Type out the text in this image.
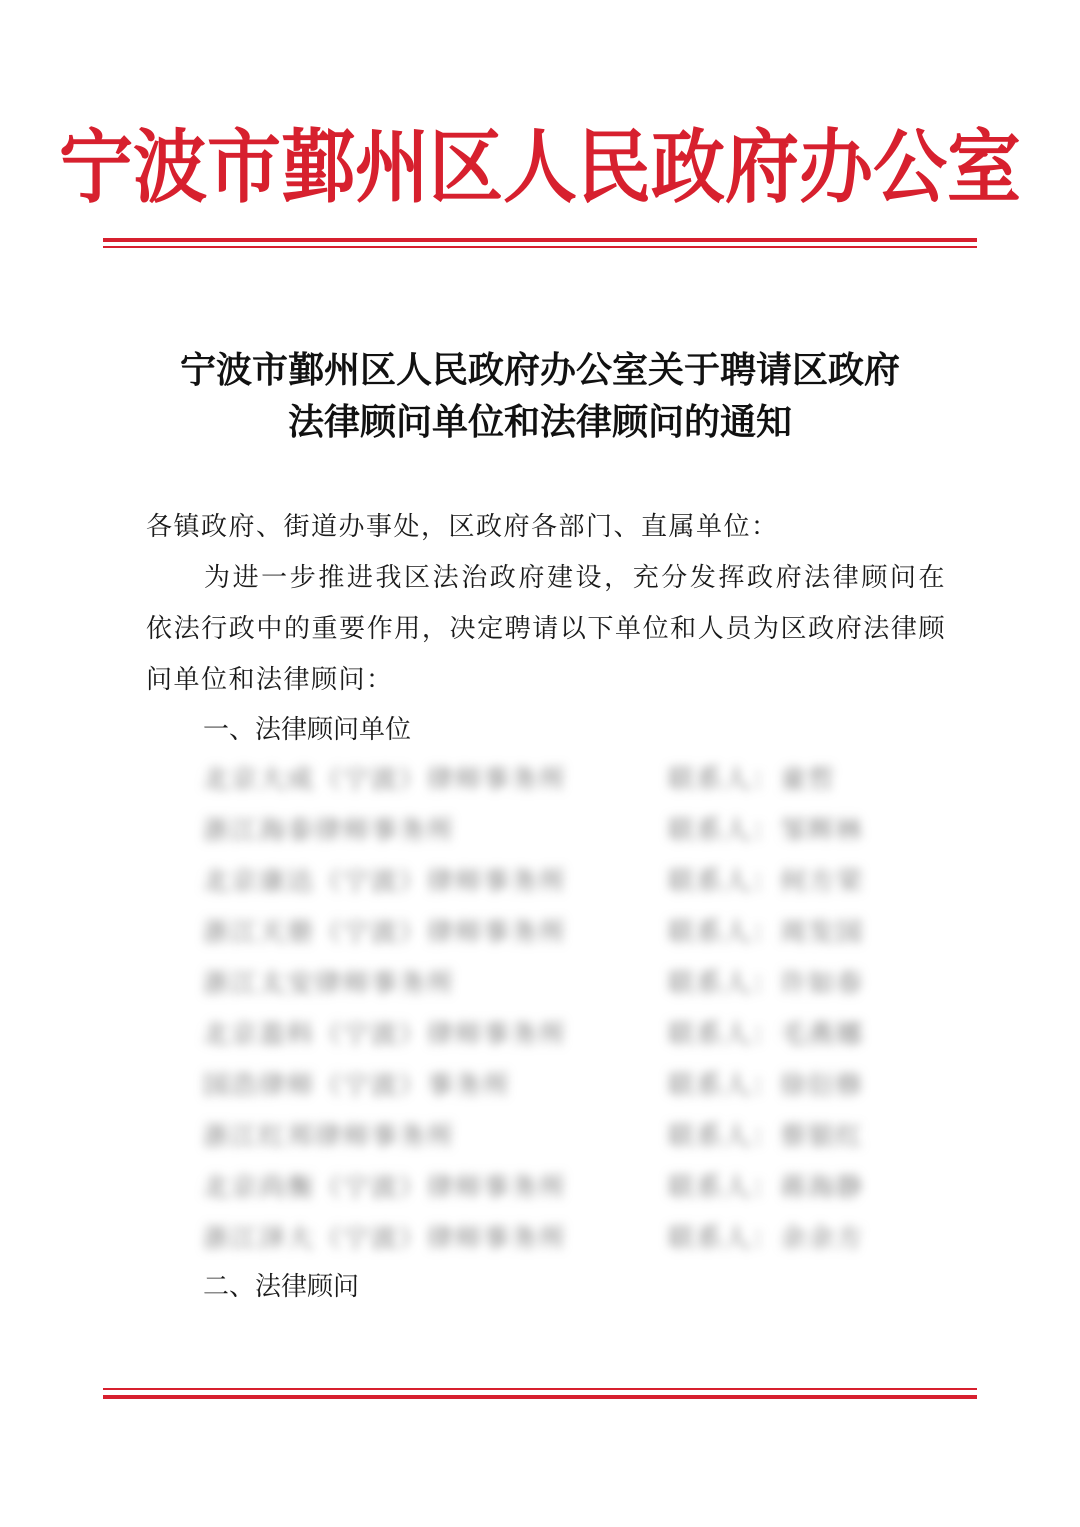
宁波市鄞州区人民政府办公室
宁波市鄞州区人民政府办公室关于聘请区政府
法律顾问单位和法律顾问的通知
各镇政府、街道办事处，区政府各部门、直属单位：
为进一步推进我区法治政府建设，充分发挥政府法律顾问在依法行政中的重要作用，决定聘请以下单位和人员为区政府法律顾问单位和法律顾问：
一、法律顾问单位
北京大成（宁波）律师事务所	联系人：童哲
浙江海泰律师事务所	联系人：邹辉林
北京康达（宁波）律师事务所	联系人：何方荣
浙江天册（宁波）律师事务所	联系人：周发国
浙江太安律师事务所	联系人：许如春
北京盈科（宁波）律师事务所	联系人：毛燕娜
国浩律师（宁波）事务所	联系人：徐衍修
浙江红邦律师事务所	联系人：蔡银红
北京尚衡（宁波）律师事务所	联系人：蒋海静
浙江泽大（宁波）律师事务所	联系人：余余方
二、法律顾问
